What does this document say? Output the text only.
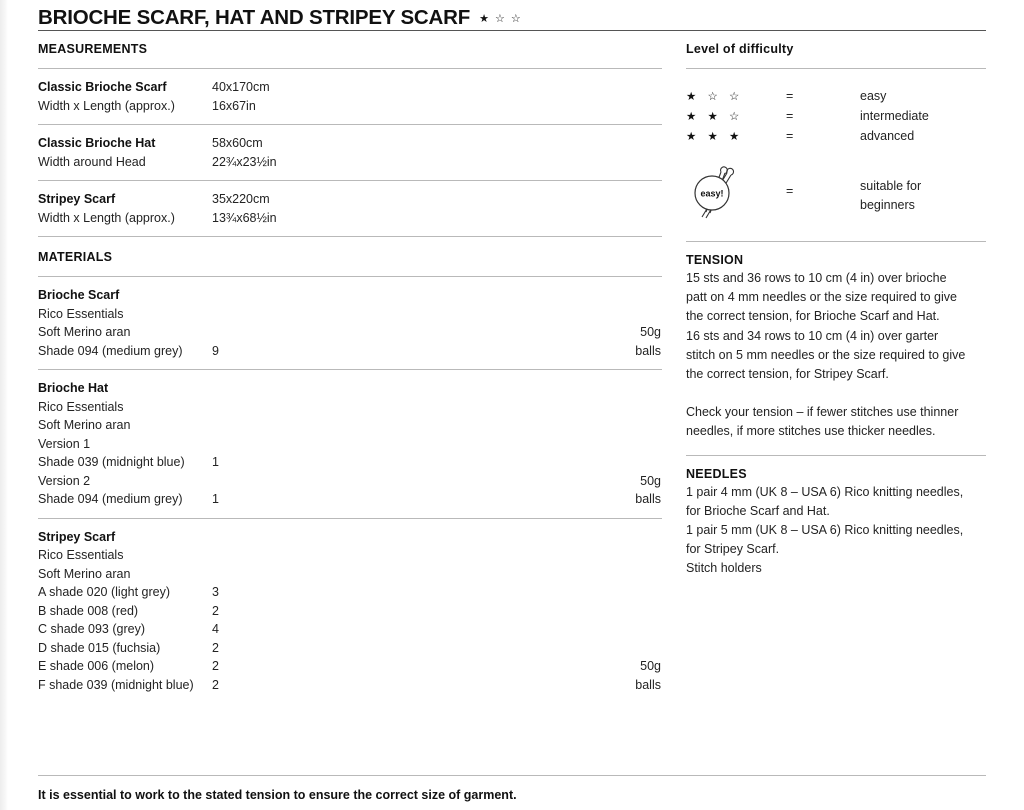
BRIOCHE SCARF, HAT AND STRIPEY SCARF ★ ☆ ☆
MEASUREMENTS
Classic Brioche Scarf	40x170cm
Width x Length (approx.)	16x67in
Classic Brioche Hat	58x60cm
Width around Head	22¾x23½in
Stripey Scarf	35x220cm
Width x Length (approx.)	13¾x68½in
MATERIALS
Brioche Scarf
Rico Essentials
Soft Merino aran	50g
Shade 094 (medium grey)	9	balls
Brioche Hat
Rico Essentials
Soft Merino aran
Version 1
Shade 039 (midnight blue)	1
Version 2	50g
Shade 094 (medium grey)	1	balls
Stripey Scarf
Rico Essentials
Soft Merino aran
A shade 020 (light grey)	3
B shade 008 (red)	2
C shade 093 (grey)	4
D shade 015 (fuchsia)	2
E shade 006 (melon)	2	50g
F shade 039 (midnight blue)	2	balls
Level of difficulty
★ ☆ ☆	=	easy
★ ★ ☆	=	intermediate
★ ★ ★	=	advanced
easy!	=	suitable for
beginners
TENSION
15 sts and 36 rows to 10 cm (4 in) over brioche
patt on 4 mm needles or the size required to give
the correct tension, for Brioche Scarf and Hat.
16 sts and 34 rows to 10 cm (4 in) over garter
stitch on 5 mm needles or the size required to give
the correct tension, for Stripey Scarf.
Check your tension – if fewer stitches use thinner
needles, if more stitches use thicker needles.
NEEDLES
1 pair 4 mm (UK 8 – USA 6) Rico knitting needles,
for Brioche Scarf and Hat.
1 pair 5 mm (UK 8 – USA 6) Rico knitting needles,
for Stripey Scarf.
Stitch holders
It is essential to work to the stated tension to ensure the correct size of garment.
